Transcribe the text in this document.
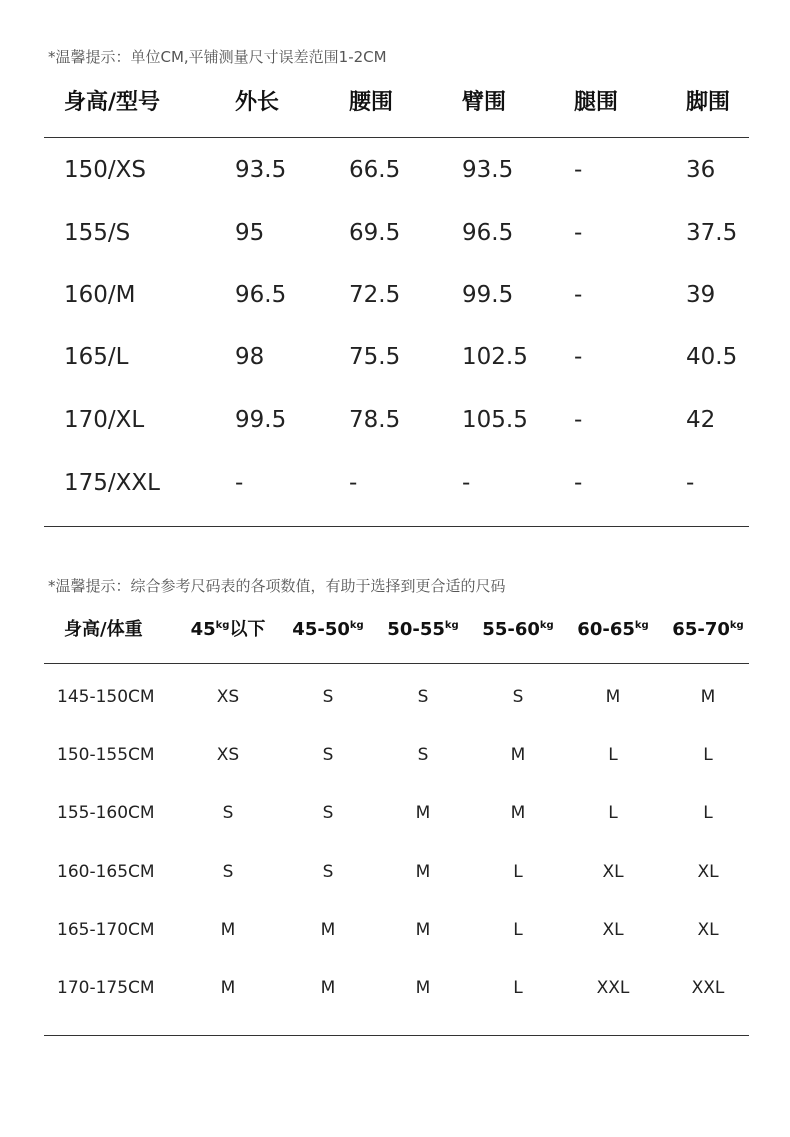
*温馨提示：单位CM,平铺测量尺寸误差范围1-2CM
身高/型号	外长	腰围	臂围	腿围	脚围
150/XS	93.5	66.5	93.5	-	36
155/S	95	69.5	96.5	-	37.5
160/M	96.5	72.5	99.5	-	39
165/L	98	75.5	102.5 -	40.5
170/XL	99.5	78.5	105.5 -	42
175/XXL	-	-	-	-	-
*温馨提示：综合参考尺码表的各项数值，有助于选择到更合适的尺码
身高/体重	$45^{kg}$以下 $45-50^{kg}$ $50-55^{kg}$ $55-60^{kg}$ $60-65^{kg}$ $65-70^{kg}$
145-150CM	XS	S	S	S	M	M
150-155CM	XS	S	S	M	L	L
155-160CM	S	S	M	M	L	L
160-165CM	S	S	M	L	XL	XL
165-170CM	M	M	M	L	XL	XL
170-175CM	M	M	M	L	XXL	XXL
